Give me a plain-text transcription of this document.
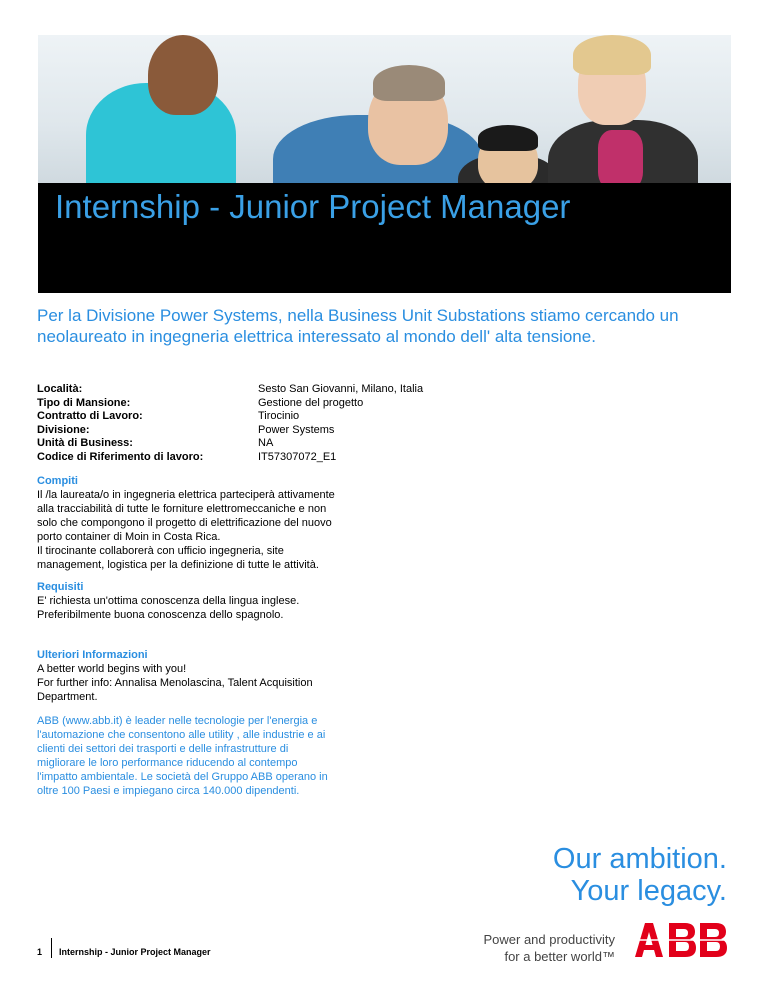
Internship - Junior Project Manager

Per la Divisione Power Systems, nella Business Unit Substations stiamo cercando un neolaureato in ingegneria elettrica interessato al mondo dell' alta tensione.

Località:	Sesto San Giovanni, Milano, Italia
Tipo di Mansione:	Gestione del progetto
Contratto di Lavoro:	Tirocinio
Divisione:	Power Systems
Unità di Business:	NA
Codice di Riferimento di lavoro:	IT57307072_E1

Compiti

Il /la laureata/o in ingegneria elettrica parteciperà attivamente

alla tracciabilità di tutte le forniture elettromeccaniche e non

solo che compongono il progetto di elettrificazione del nuovo

porto container di Moin in Costa Rica.

Il tirocinante collaborerà con ufficio ingegneria, site

management, logistica per la definizione di tutte le attività.

Requisiti

E' richiesta un'ottima conoscenza della lingua inglese.

Preferibilmente buona conoscenza dello spagnolo.

Ulteriori Informazioni

A better world begins with you!

For further info: Annalisa Menolascina, Talent Acquisition

Department.

ABB (www.abb.it) è leader nelle tecnologie per l'energia e
l'automazione che consentono alle utility , alle industrie e ai
clienti dei settori dei trasporti e delle infrastrutture di
migliorare le loro performance riducendo al contempo
l'impatto ambientale. Le società del Gruppo ABB operano in
oltre 100 Paesi e impiegano circa 140.000 dipendenti.
Our ambition.
Your legacy.
1 Internship - Junior Project Manager
Power and productivity
for a better world™
